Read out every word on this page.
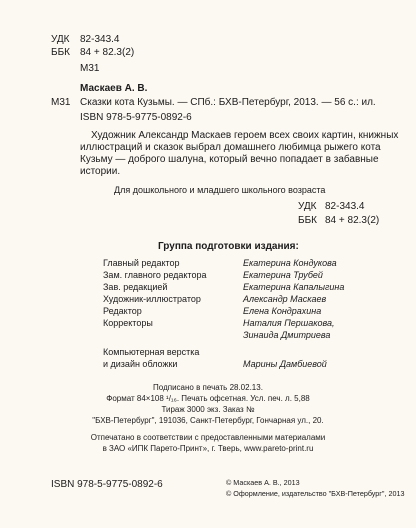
УДК 82-343.4
ББК 84 + 82.3(2)
М31
Маскаев А. В.
М31 Сказки кота Кузьмы. — СПб.: БХВ-Петербург, 2013. — 56 с.: ил.
ISBN 978-5-9775-0892-6
Художник Александр Маскаев героем всех своих картин, книжных
иллюстраций и сказок выбрал домашнего любимца рыжего кота
Кузьму — доброго шалуна, который вечно попадает в забавные
истории.
Для дошкольного и младшего школьного возраста
УДК 82-343.4
ББК 84 + 82.3(2)
Группа подготовки издания:
Главный редактор	Екатерина Кондукова
Зам. главного редактора	Екатерина Трубей
Зав. редакцией	Екатерина Капалыгина
Художник-иллюстратор	Александр Маскаев
Редактор	Елена Кондрахина
Корректоры	Наталия Першакова,
Зинаида Дмитриева
Компьютерная верстка
и дизайн обложки	Марины Дамбиевой
Подписано в печать 28.02.13.
Формат 84×108 ¹/₁₆. Печать офсетная. Усл. печ. л. 5,88
Тираж 3000 экз. Заказ №
"БХВ-Петербург", 191036, Санкт-Петербург, Гончарная ул., 20.
Отпечатано в соответствии с предоставленными материалами
в ЗАО «ИПК Парето-Принт», г. Тверь, www.pareto-print.ru
ISBN 978-5-9775-0892-6	© Маскаев А. В., 2013
© Оформление, издательство "БХВ-Петербург", 2013
